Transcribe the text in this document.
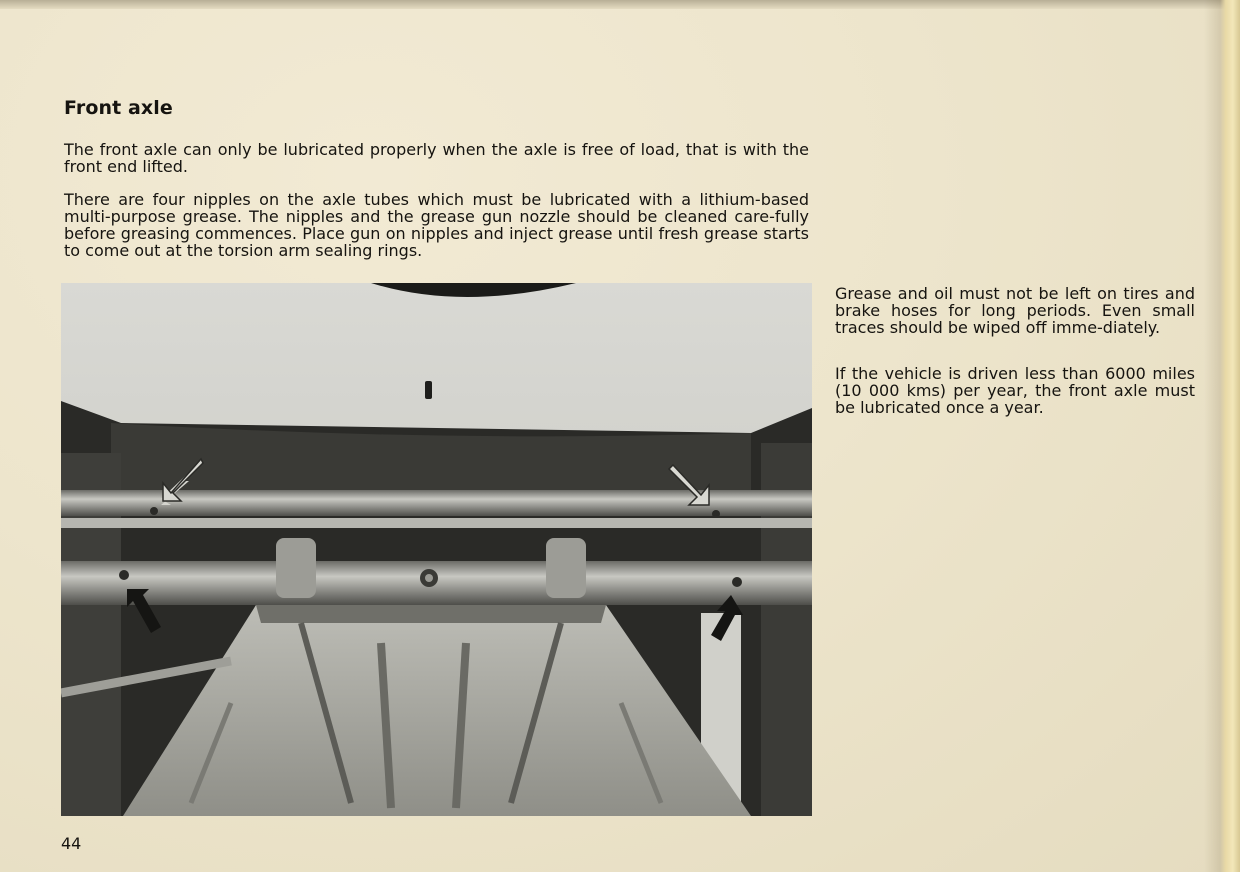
Front axle

The front axle can only be lubricated properly when the axle is free of load, that is with the front end lifted.

There are four nipples on the axle tubes which must be lubricated with a lithium-based multi-purpose grease. The nipples and the grease gun nozzle should be cleaned care-fully before greasing commences. Place gun on nipples and inject grease until fresh grease starts to come out at the torsion arm sealing rings.

Grease and oil must not be left on tires and brake hoses for long periods. Even small traces should be wiped off imme-diately.

If the vehicle is driven less than 6000 miles (10 000 kms) per year, the front axle must be lubricated once a year.

44
